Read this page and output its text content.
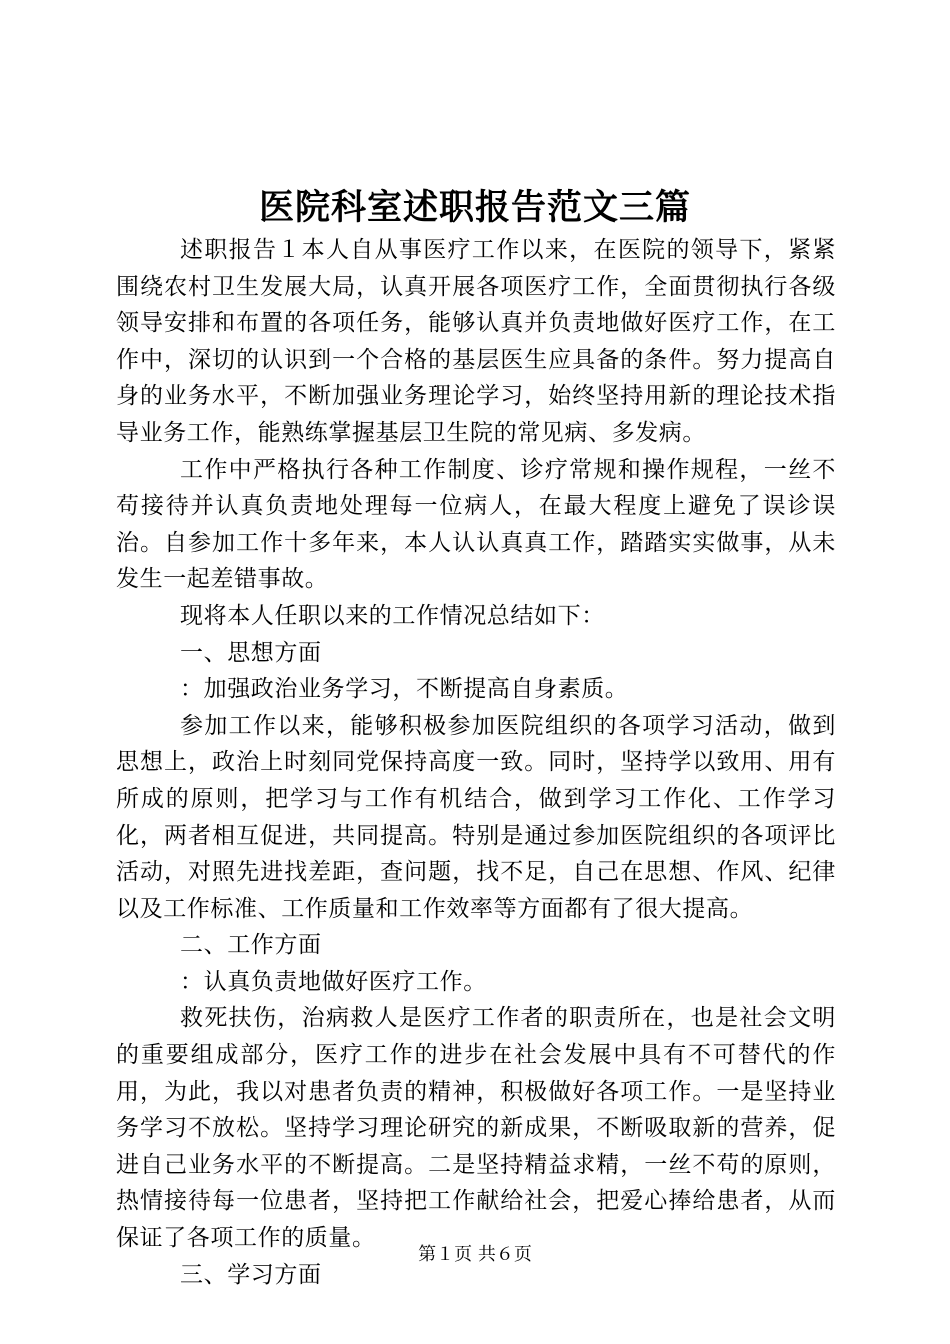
医院科室述职报告范文三篇

述职报告１本人自从事医疗工作以来，在医院的领导下，紧紧围绕农村卫生发展大局，认真开展各项医疗工作，全面贯彻执行各级领导安排和布置的各项任务，能够认真并负责地做好医疗工作，在工作中，深切的认识到一个合格的基层医生应具备的条件。努力提高自身的业务水平，不断加强业务理论学习，始终坚持用新的理论技术指导业务工作，能熟练掌握基层卫生院的常见病、多发病。

工作中严格执行各种工作制度、诊疗常规和操作规程，一丝不苟接待并认真负责地处理每一位病人，在最大程度上避免了误诊误治。自参加工作十多年来，本人认认真真工作，踏踏实实做事，从未发生一起差错事故。

现将本人任职以来的工作情况总结如下：

一、思想方面

：加强政治业务学习，不断提高自身素质。

参加工作以来，能够积极参加医院组织的各项学习活动，做到思想上，政治上时刻同党保持高度一致。同时，坚持学以致用、用有所成的原则，把学习与工作有机结合，做到学习工作化、工作学习化，两者相互促进，共同提高。特别是通过参加医院组织的各项评比活动，对照先进找差距，查问题，找不足，自己在思想、作风、纪律以及工作标准、工作质量和工作效率等方面都有了很大提高。

二、工作方面

：认真负责地做好医疗工作。

救死扶伤，治病救人是医疗工作者的职责所在，也是社会文明的重要组成部分，医疗工作的进步在社会发展中具有不可替代的作用，为此，我以对患者负责的精神，积极做好各项工作。一是坚持业务学习不放松。坚持学习理论研究的新成果，不断吸取新的营养，促进自己业务水平的不断提高。二是坚持精益求精，一丝不苟的原则，热情接待每一位患者，坚持把工作献给社会，把爱心捧给患者，从而保证了各项工作的质量。

三、学习方面

第１页 共６页
